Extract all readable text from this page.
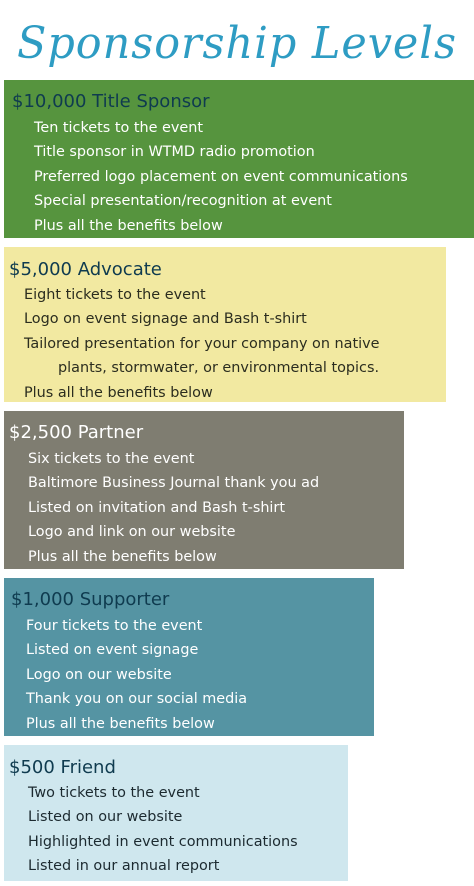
Sponsorship Levels
$10,000 Title Sponsor
Ten tickets to the event
Title sponsor in WTMD radio promotion
Preferred logo placement on event communications
Special presentation/recognition at event
Plus all the benefits below
$5,000 Advocate
Eight tickets to the event
Logo on event signage and Bash t-shirt
Tailored presentation for your company on native
plants, stormwater, or environmental topics.
Plus all the benefits below
$2,500 Partner
Six tickets to the event
Baltimore Business Journal thank you ad
Listed on invitation and Bash t-shirt
Logo and link on our website
Plus all the benefits below
$1,000 Supporter
Four tickets to the event
Listed on event signage
Logo on our website
Thank you on our social media
Plus all the benefits below
$500 Friend
Two tickets to the event
Listed on our website
Highlighted in event communications
Listed in our annual report
